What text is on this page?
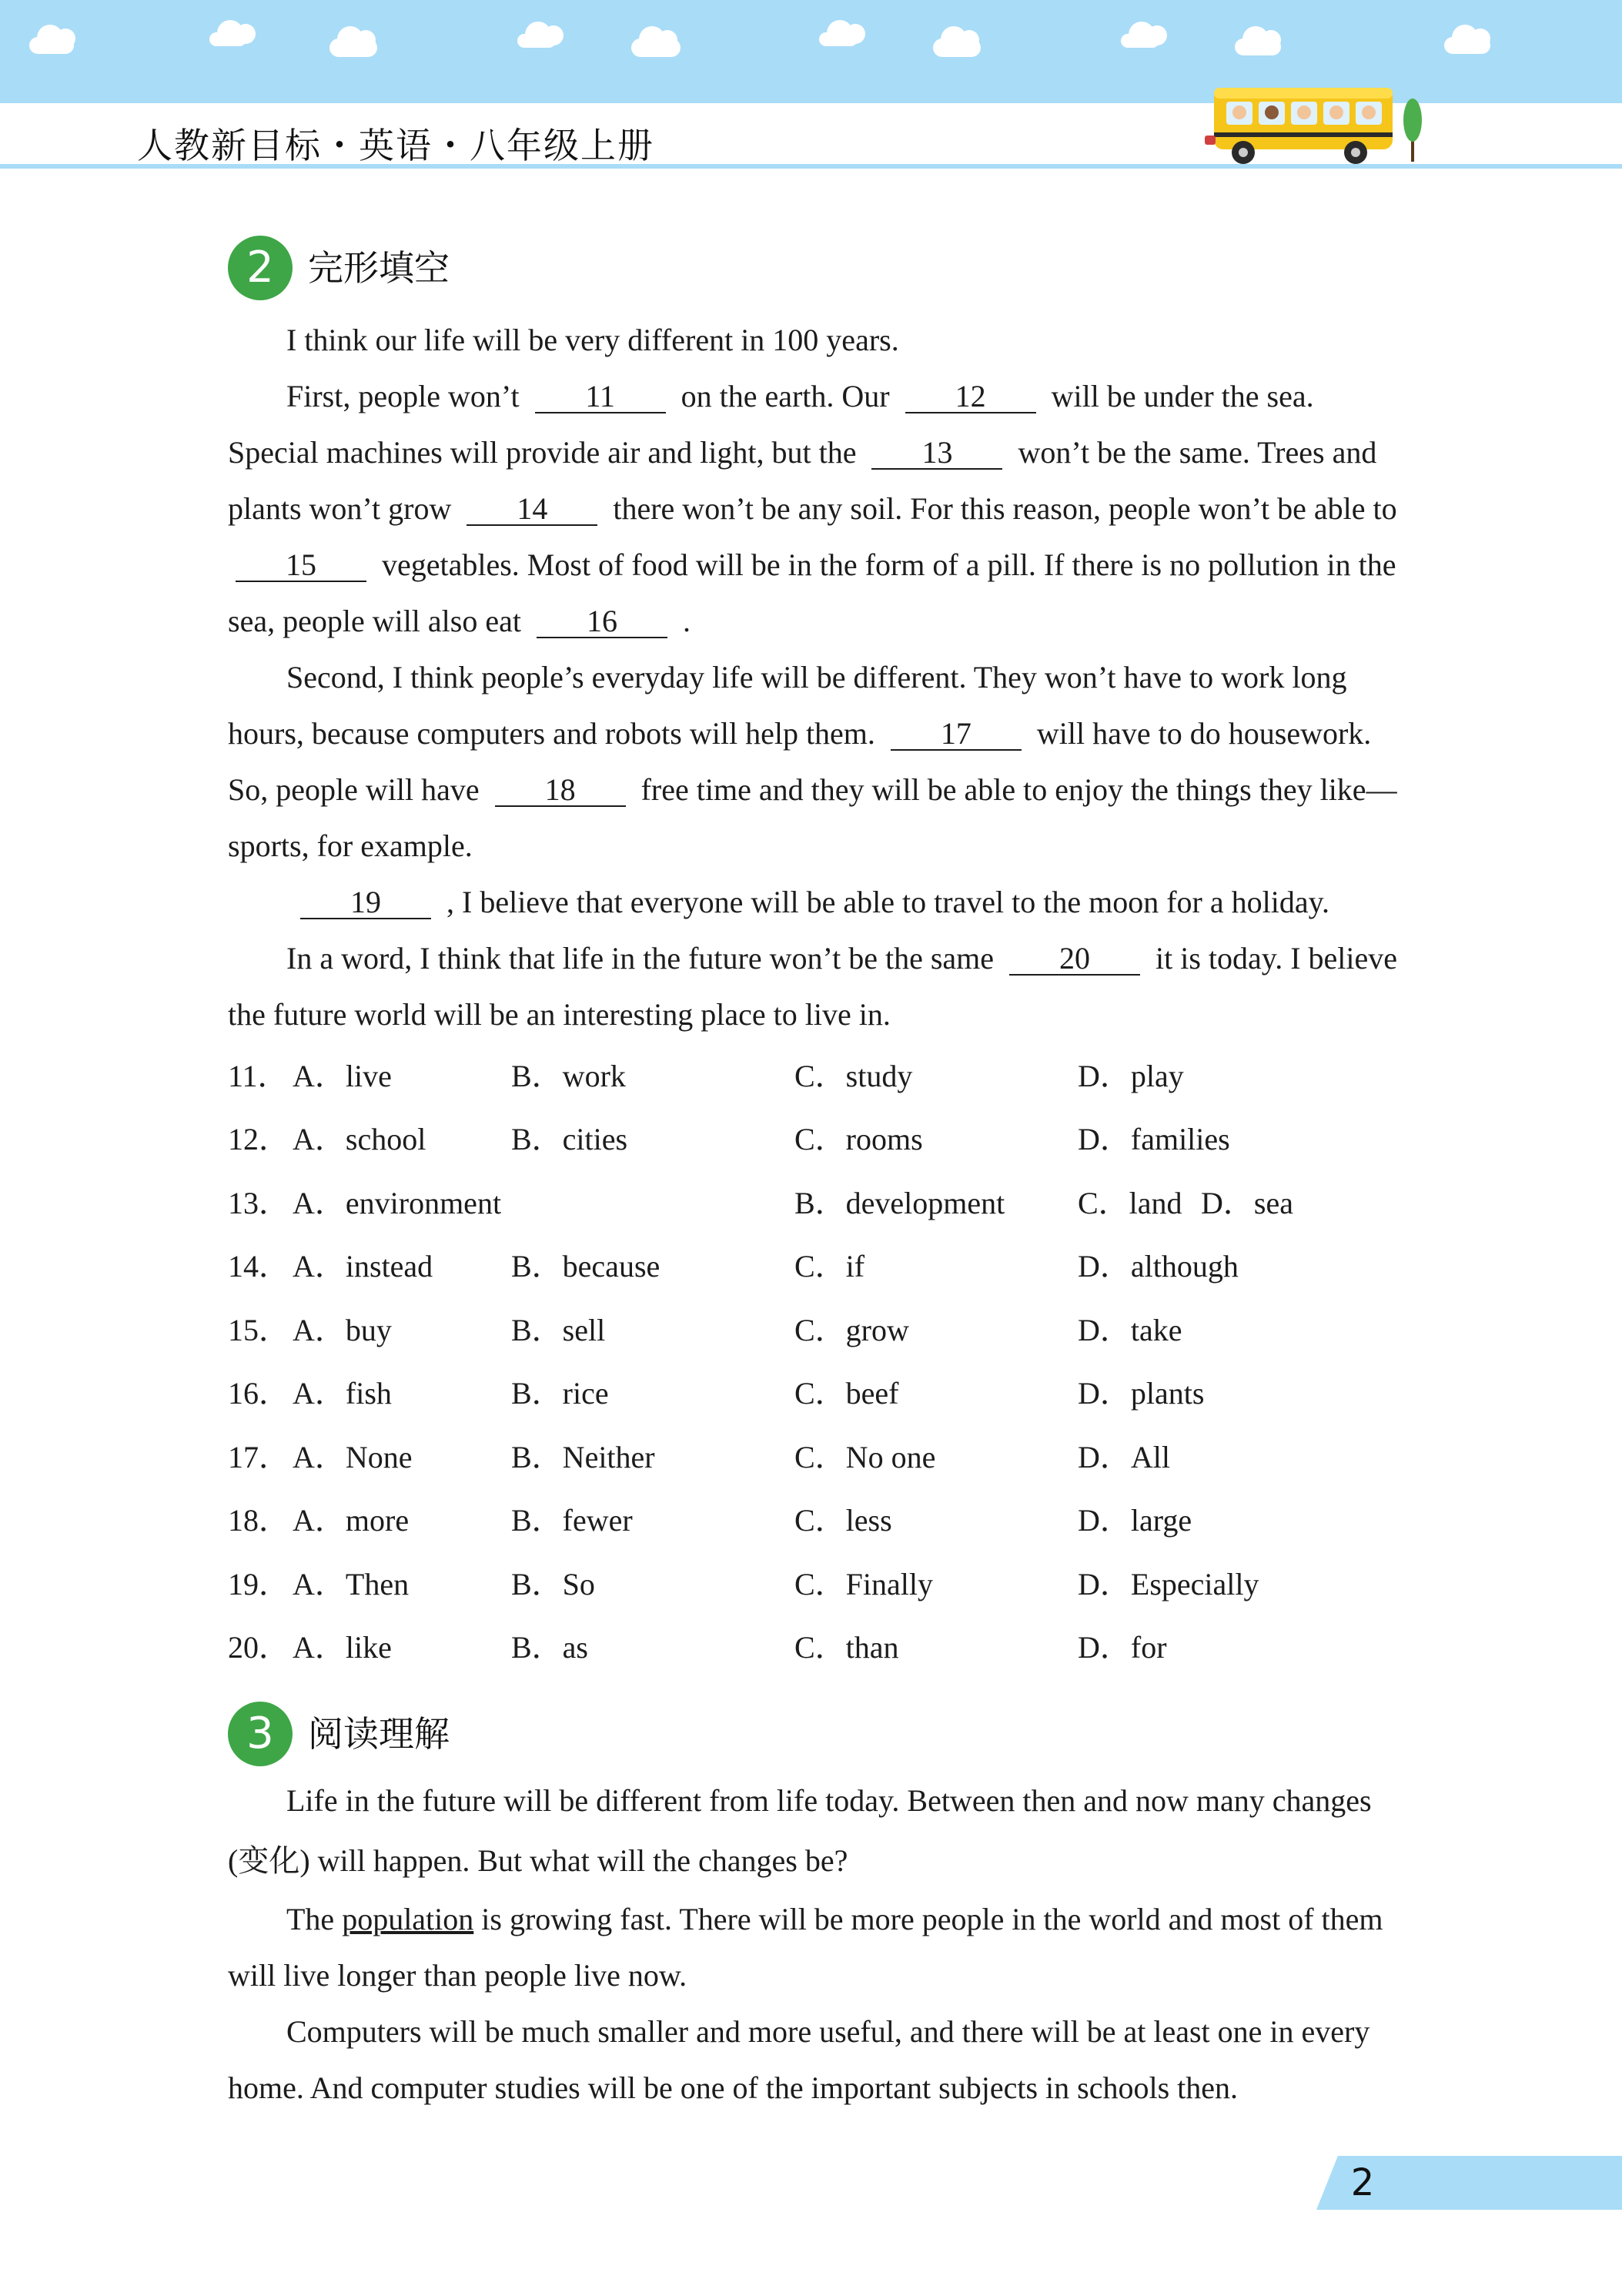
人教新目标・英语・八年级上册
2 完形填空

I think our life will be very different in 100 years.

First, people won’t 11 on the earth. Our 12 will be under the sea. Special machines will provide air and light, but the 13 won’t be the same. Trees and plants won’t grow 14 there won’t be any soil. For this reason, people won’t be able to 15 vegetables. Most of food will be in the form of a pill. If there is no pollution in the sea, people will also eat 16 .

Second, I think people’s everyday life will be different. They won’t have to work long hours, because computers and robots will help them. 17 will have to do housework. So, people will have 18 free time and they will be able to enjoy the things they like—sports, for example.

19 , I believe that everyone will be able to travel to the moon for a holiday.

In a word, I think that life in the future won’t be the same 20 it is today. I believe the future world will be an interesting place to live in.

11． A．live	B．work	C．study	D．play
12． A．school	B．cities	C．rooms	D．families
13． A．environment	B．development C．land D．sea
14． A．instead	B．because	C．if	D．although
15． A．buy	B．sell	C．grow	D．take
16． A．fish	B．rice	C．beef	D．plants
17． A．None	B．Neither	C．No one	D．All
18． A．more	B．fewer	C．less	D．large
19． A．Then	B．So	C．Finally	D．Especially
20． A．like	B．as	C．than	D．for
3 阅读理解

Life in the future will be different from life today. Between then and now many changes (变化) will happen. But what will the changes be?

The population is growing fast. There will be more people in the world and most of them will live longer than people live now.

Computers will be much smaller and more useful, and there will be at least one in every home. And computer studies will be one of the important subjects in schools then.

2
